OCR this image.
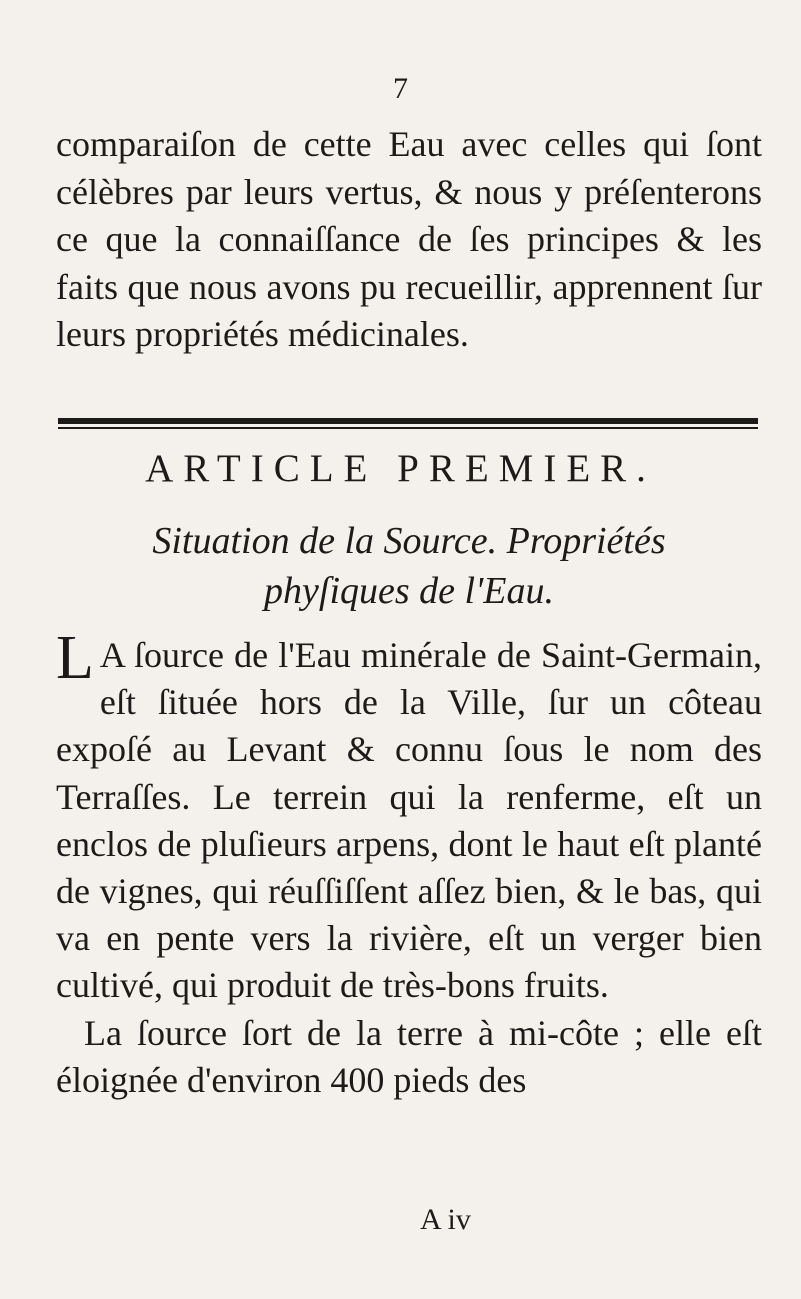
7

comparaiſon de cette Eau avec celles qui ſont célèbres par leurs vertus, & nous y préſenterons ce que la connaiſſance de ſes principes & les faits que nous avons pu recueillir, apprennent ſur leurs propriétés médicinales.

ARTICLE PREMIER.
Situation de la Source. Propriétés
phyſiques de l'Eau.

L A ſource de l'Eau minérale de Saint-Germain, eſt ſituée hors de la Ville, ſur un côteau expoſé au Levant & connu ſous le nom des Terraſſes. Le terrein qui la renferme, eſt un enclos de pluſieurs arpens, dont le haut eſt planté de vignes, qui réuſſiſſent aſſez bien, & le bas, qui va en pente vers la rivière, eſt un verger bien cultivé, qui produit de très-bons fruits.

La ſource ſort de la terre à mi-côte ; elle eſt éloignée d'environ 400 pieds des

A iv
